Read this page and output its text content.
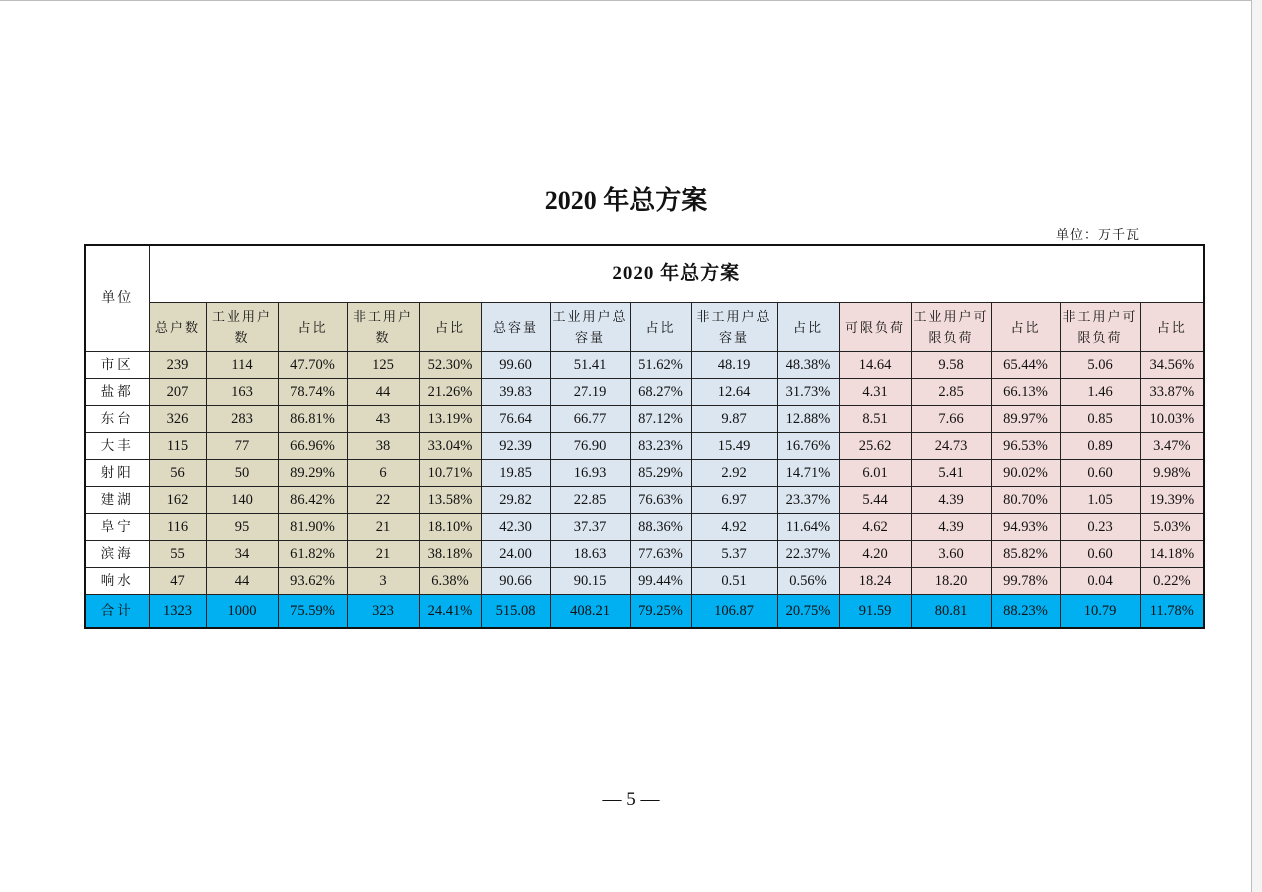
2020 年总方案
单位：万千瓦
单位	2020 年总方案														
	总户数	工业用户数	占比	非工用户数	占比	总容量	工业用户总容量	占比	非工用户总容量	占比	可限负荷	工业用户可限负荷	占比	非工用户可限负荷	占比
市区	239	114	47.70%	125	52.30%	99.60	51.41	51.62%	48.19	48.38%	14.64	9.58	65.44%	5.06	34.56%
盐都	207	163	78.74%	44	21.26%	39.83	27.19	68.27%	12.64	31.73%	4.31	2.85	66.13%	1.46	33.87%
东台	326	283	86.81%	43	13.19%	76.64	66.77	87.12%	9.87	12.88%	8.51	7.66	89.97%	0.85	10.03%
大丰	115	77	66.96%	38	33.04%	92.39	76.90	83.23%	15.49	16.76%	25.62	24.73	96.53%	0.89	3.47%
射阳	56	50	89.29%	6	10.71%	19.85	16.93	85.29%	2.92	14.71%	6.01	5.41	90.02%	0.60	9.98%
建湖	162	140	86.42%	22	13.58%	29.82	22.85	76.63%	6.97	23.37%	5.44	4.39	80.70%	1.05	19.39%
阜宁	116	95	81.90%	21	18.10%	42.30	37.37	88.36%	4.92	11.64%	4.62	4.39	94.93%	0.23	5.03%
滨海	55	34	61.82%	21	38.18%	24.00	18.63	77.63%	5.37	22.37%	4.20	3.60	85.82%	0.60	14.18%
响水	47	44	93.62%	3	6.38%	90.66	90.15	99.44%	0.51	0.56%	18.24	18.20	99.78%	0.04	0.22%
合计	1323	1000	75.59%	323	24.41%	515.08	408.21	79.25%	106.87	20.75%	91.59	80.81	88.23%	10.79	11.78%
— 5 —
